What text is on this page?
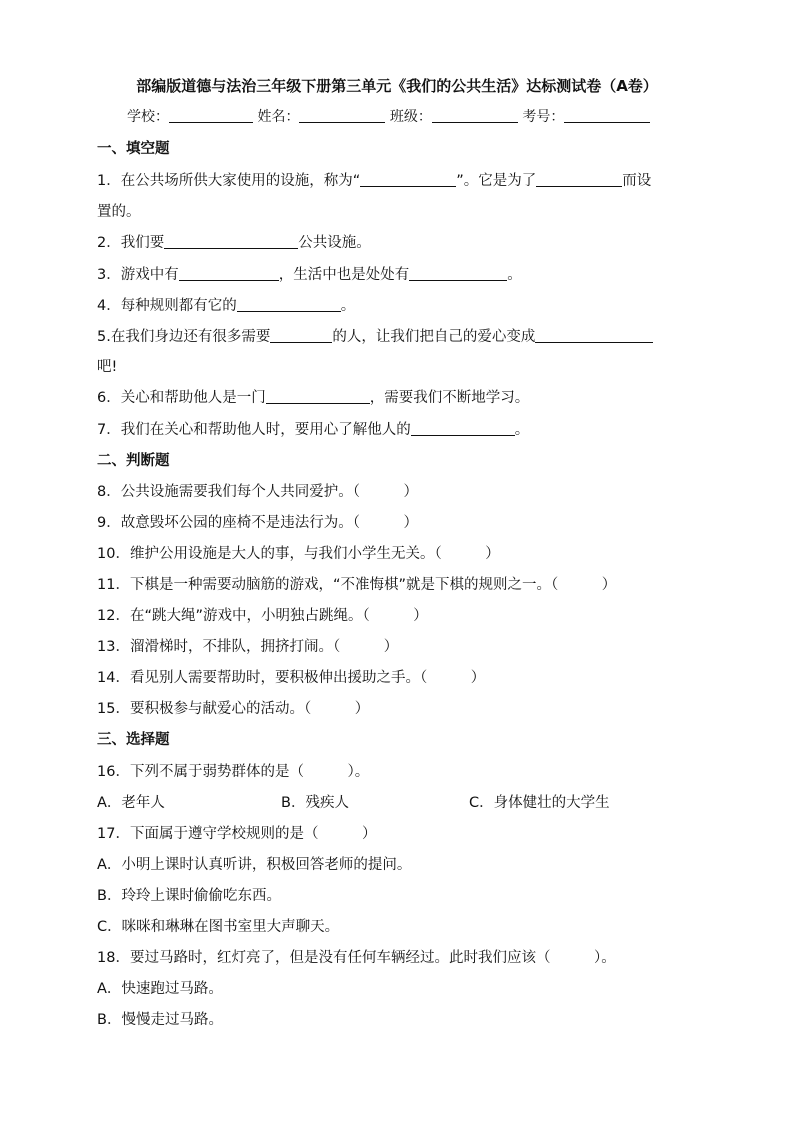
部编版道德与法治三年级下册第三单元《我们的公共生活》达标测试卷（A卷）
学校：	姓名：	班级：	考号：
一、填空题
1．在公共场所供大家使用的设施，称为“	”。它是为了	而设
置的。
2．我们要	公共设施。
3．游戏中有	，生活中也是处处有	。
4．每种规则都有它的	。
5.在我们身边还有很多需要	的人，让我们把自己的爱心变成
吧!
6．关心和帮助他人是一门	，需要我们不断地学习。
7．我们在关心和帮助他人时，要用心了解他人的	。
二、判断题
8．公共设施需要我们每个人共同爱护。（　　　）
9．故意毁坏公园的座椅不是违法行为。（　　　）
10．维护公用设施是大人的事，与我们小学生无关。（　　　）
11．下棋是一种需要动脑筋的游戏，“不准悔棋”就是下棋的规则之一。（　　　）
12．在“跳大绳”游戏中，小明独占跳绳。（　　　）
13．溜滑梯时，不排队，拥挤打闹。（　　　）
14．看见别人需要帮助时，要积极伸出援助之手。（　　　）
15．要积极参与献爱心的活动。（　　　）
三、选择题
16．下列不属于弱势群体的是（　　　）。
A．老年人	B．残疾人	C．身体健壮的大学生
17．下面属于遵守学校规则的是（　　　）
A．小明上课时认真听讲，积极回答老师的提问。
B．玲玲上课时偷偷吃东西。
C．咪咪和琳琳在图书室里大声聊天。
18．要过马路时，红灯亮了，但是没有任何车辆经过。此时我们应该（　　　）。
A．快速跑过马路。
B．慢慢走过马路。
